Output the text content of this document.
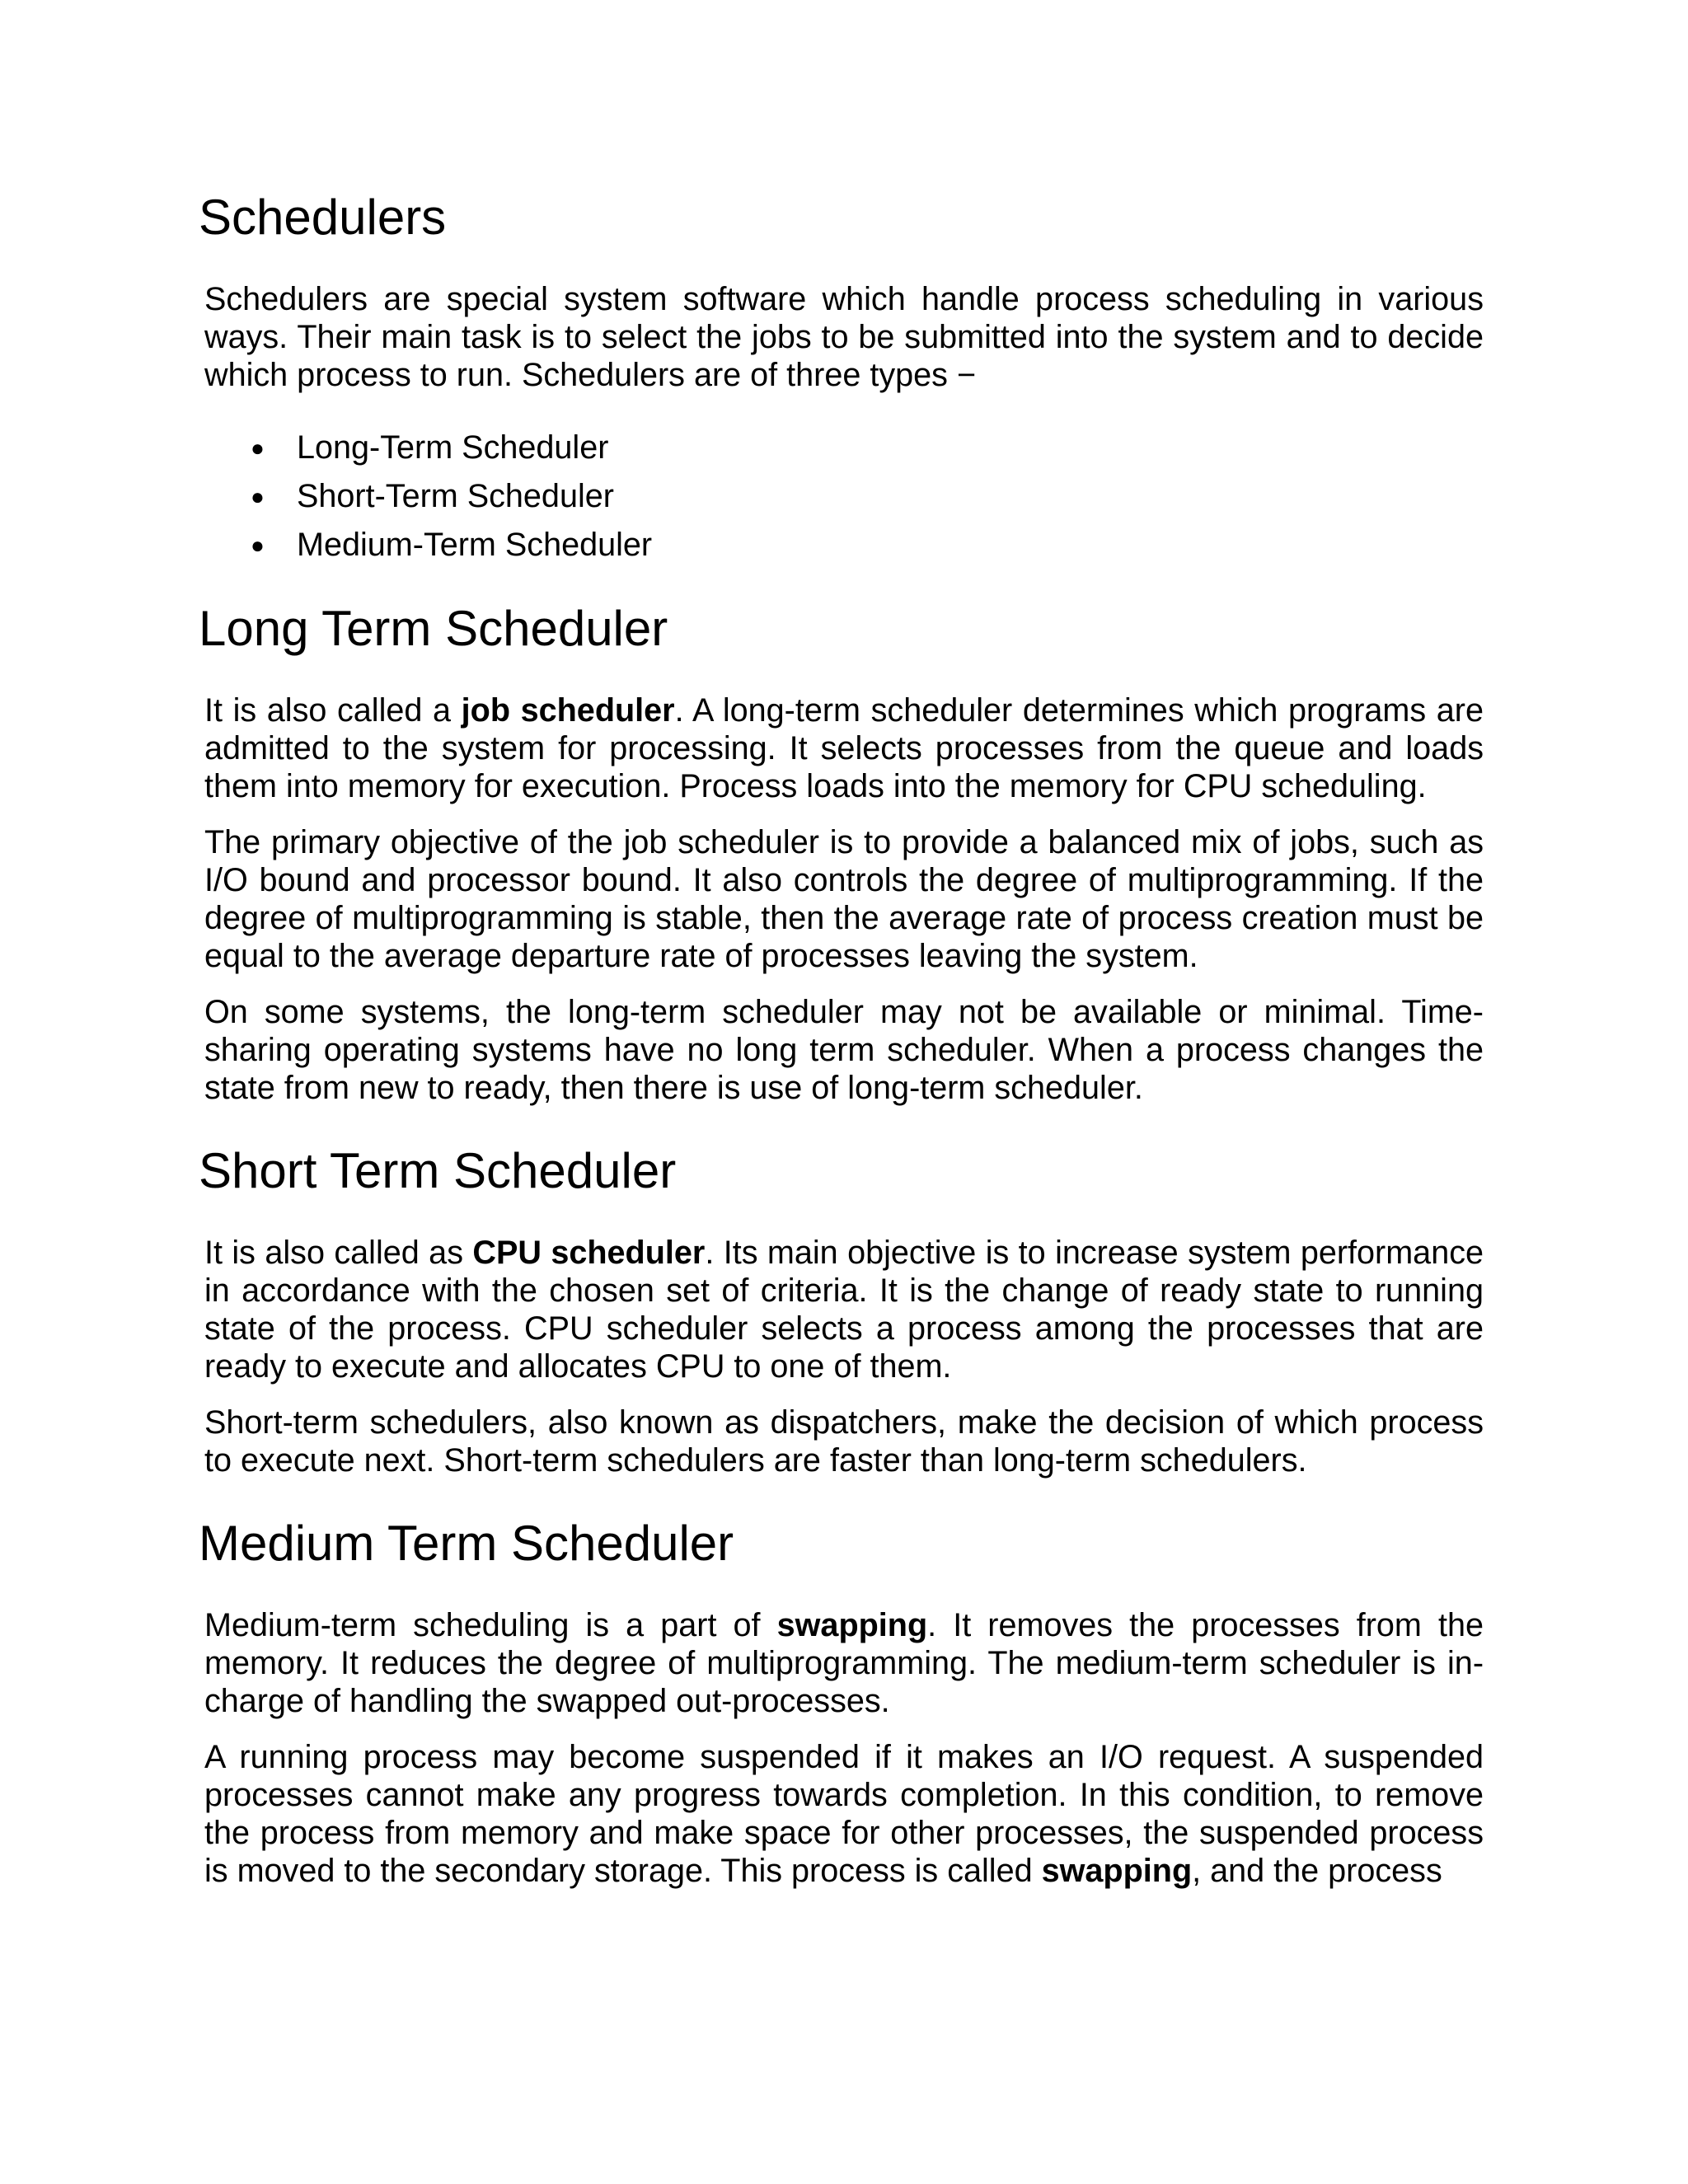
Schedulers

Schedulers are special system software which handle process scheduling in various ways. Their main task is to select the jobs to be submitted into the system and to decide which process to run. Schedulers are of three types −

● Long-Term Scheduler
● Short-Term Scheduler
● Medium-Term Scheduler
Long Term Scheduler

It is also called a job scheduler. A long-term scheduler determines which programs are admitted to the system for processing. It selects processes from the queue and loads them into memory for execution. Process loads into the memory for CPU scheduling.

The primary objective of the job scheduler is to provide a balanced mix of jobs, such as I/O bound and processor bound. It also controls the degree of multiprogramming. If the degree of multiprogramming is stable, then the average rate of process creation must be equal to the average departure rate of processes leaving the system.

On some systems, the long-term scheduler may not be available or minimal. Time-sharing operating systems have no long term scheduler. When a process changes the state from new to ready, then there is use of long-term scheduler.

Short Term Scheduler

It is also called as CPU scheduler. Its main objective is to increase system performance in accordance with the chosen set of criteria. It is the change of ready state to running state of the process. CPU scheduler selects a process among the processes that are ready to execute and allocates CPU to one of them.

Short-term schedulers, also known as dispatchers, make the decision of which process to execute next. Short-term schedulers are faster than long-term schedulers.

Medium Term Scheduler

Medium-term scheduling is a part of swapping. It removes the processes from the memory. It reduces the degree of multiprogramming. The medium-term scheduler is in-charge of handling the swapped out-processes.

A running process may become suspended if it makes an I/O request. A suspended processes cannot make any progress towards completion. In this condition, to remove the process from memory and make space for other processes, the suspended process is moved to the secondary storage. This process is called swapping, and the process
